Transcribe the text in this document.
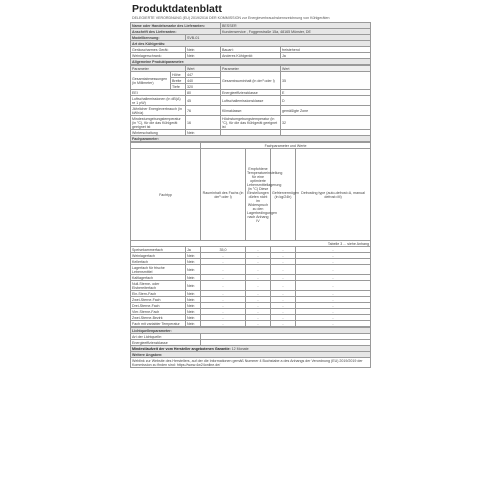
Produktdatenblatt
DELEGIERTE VERORDNUNG (EU) 2019/2016 DER KOMMISSION zur Energieverbrauchskennzeichnung von Kühlgeräten
Name oder Handelsmarke des Lieferanten:		BESSER	
Anschrift des Lieferanten:		Kundenservice , Foggenstraße 15a, 48165 Münster, DE	
Modellkennung:	SVB-01		
Art des Kühlgeräts:			
Geräuscharmes Gerät:	Nein	Bauart:	freistehend
Weinlagerschrank:	Nein	Anderes Kühlgerät:	Ja
Allgemeine Produktparameter:			
Parameter		Wert	Parameter	Wert
Gesamtabmessungen (in Millimeter)	Höhe	447	Gesamtrauminhalt (in dm³ oder l)	35
	Breite	440		
	Tiefe	320		
EEI		80	Energieeffizienzklasse	E
Luftschallemissionen (in dB(A) re 1 pW)		45	Luftschallemissionsklasse	D
Jährlicher Energieverbrauch (in kWh/a)		76	Klimaklasse:	gemäßigte Zone
Mindestumgebungstemperatur (in °C), für die das Kühlgerät geeignet ist		16	Höchstumgebungstemperatur (in °C), für die das Kühlgerät geeignet ist	32
Winterschaltung		Nein		
Fachparameter:				
		Fachparameter und Werte			
Fachtyp		Rauminhalt des Fachs (in dm³ oder l)	Empfohlene Temperatureinstellung für eine optimierte Lebensmittellagerung (in °C) Diese Einstellungen dürfen nicht im Widerspruch zu den Lagerbedingungen nach Anhang IV	Gefriervermögen (in kg/24h)	Defrosting type (auto-defrost=A, manual defrost=M)
Tabelle 3 ... siehe Anhang					
Speisekammerfach	Ja	35,0	-	-	-
Weinlagerfach	Nein	-	-	-	-
Kellerfach	Nein	-	-	-	-
Lagerfach für frische Lebensmittel	Nein	-	-	-	-
Kaltlagerfach	Nein	-	-	-	-
Null-Sterne- oder Eisbereiterfach	Nein	-	-	-	-
Ein-Stern-Fach	Nein	-	-	-	-
Zwei-Sterne-Fach	Nein	-	-	-	-
Drei-Sterne-Fach	Nein	-	-	-	-
Vier-Sterne-Fach	Nein	-	-	-	-
Zwei-Sterne-Bezirk	Nein	-	-	-	-
Fach mit variabler Temperatur	Nein	-	-	-	-
Lichtquellenparameter:	
Art der Lichtquelle:	
Energieeffizienzklasse	
Mindestlaufzeit der vom Hersteller angebotenen Garantie: 12 Monate	
Weitere Angaben:	
Weblink zur Website des Herstellers, auf der die Informationen gemäß Nummer 4 Buchstabe a des Anhangs der Verordnung (EU) 2019/2019 der Kommission zu finden sind: https://www.4w24online.de/	
